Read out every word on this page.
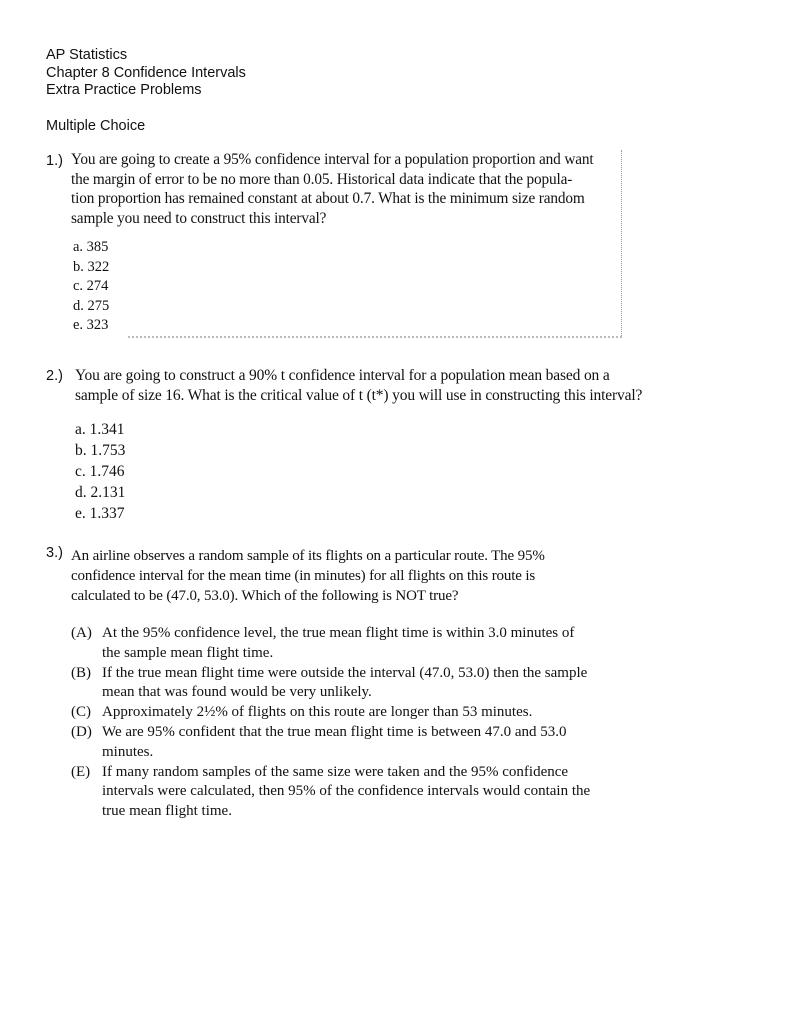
AP Statistics
Chapter 8 Confidence Intervals
Extra Practice Problems
Multiple Choice
1.) You are going to create a 95% confidence interval for a population proportion and want
the margin of error to be no more than 0.05. Historical data indicate that the popula-
tion proportion has remained constant at about 0.7. What is the minimum size random
sample you need to construct this interval?
a. 385
b. 322
c. 274
d. 275
e. 323
2.) You are going to construct a 90% t confidence interval for a population mean based on a
sample of size 16. What is the critical value of t (t*) you will use in constructing this interval?
a. 1.341
b. 1.753
c. 1.746
d. 2.131
e. 1.337
3.) An airline observes a random sample of its flights on a particular route. The 95%
confidence interval for the mean time (in minutes) for all flights on this route is
calculated to be (47.0, 53.0). Which of the following is NOT true?
(A) At the 95% confidence level, the true mean flight time is within 3.0 minutes of
the sample mean flight time.
(B) If the true mean flight time were outside the interval (47.0, 53.0) then the sample
mean that was found would be very unlikely.
(C) Approximately 2½% of flights on this route are longer than 53 minutes.
(D) We are 95% confident that the true mean flight time is between 47.0 and 53.0
minutes.
(E) If many random samples of the same size were taken and the 95% confidence
intervals were calculated, then 95% of the confidence intervals would contain the
true mean flight time.
